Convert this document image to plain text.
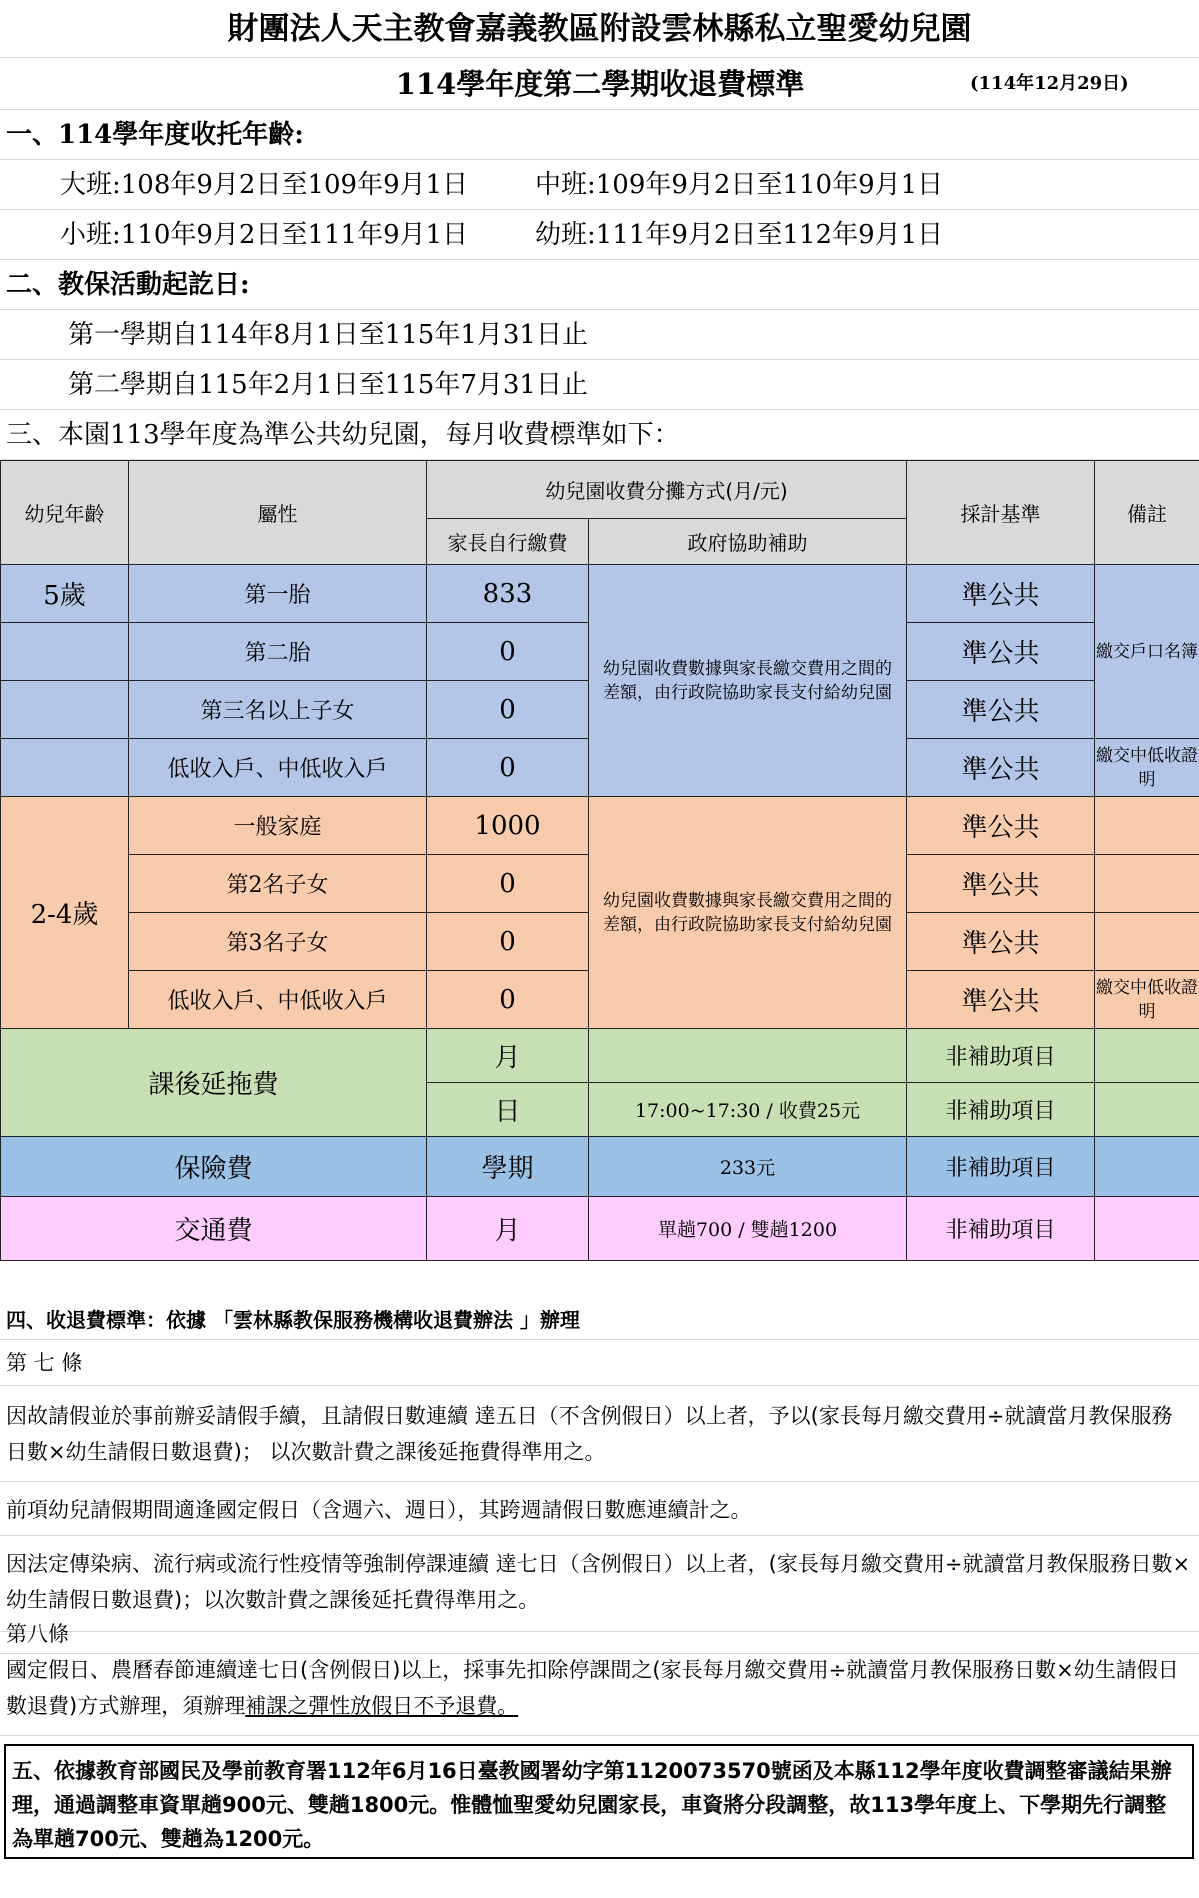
財團法人天主教會嘉義教區附設雲林縣私立聖愛幼兒園
114學年度第二學期收退費標準	(114年12月29日)
一、114學年度收托年齡:
大班:108年9月2日至109年9月1日	中班:109年9月2日至110年9月1日
小班:110年9月2日至111年9月1日	幼班:111年9月2日至112年9月1日
二、教保活動起訖日:
第一學期自114年8月1日至115年1月31日止
第二學期自115年2月1日至115年7月31日止
三、本園113學年度為準公共幼兒園，每月收費標準如下：
幼兒年齡	屬性	幼兒園收費分攤方式(月/元)		採計基準	備註
		家長自行繳費	政府協助補助		
5歲	第一胎	833	幼兒園收費數據與家長繳交費用之間的差額，由行政院協助家長支付給幼兒園	準公共	繳交戶口名簿
	第二胎	0		準公共	
	第三名以上子女	0		準公共	
	低收入戶、中低收入戶	0		準公共	繳交中低收證明
2-4歲	一般家庭	1000	幼兒園收費數據與家長繳交費用之間的差額，由行政院協助家長支付給幼兒園	準公共	
	第2名子女	0		準公共	
	第3名子女	0		準公共	
	低收入戶、中低收入戶	0		準公共	繳交中低收證明
課後延拖費		月		非補助項目	
		日	17:00~17:30 / 收費25元	非補助項目	
保險費		學期	233元	非補助項目	
交通費		月	單趟700 / 雙趟1200	非補助項目	
四、收退費標準：依據 「雲林縣教保服務機構收退費辦法 」辦理
第 七 條
因故請假並於事前辦妥請假手續，且請假日數連續 達五日（不含例假日）以上者，予以(家長每月繳交費用÷就讀當月教保服務日數×幼生請假日數退費)； 以次數計費之課後延拖費得準用之。
前項幼兒請假期間適逢國定假日（含週六、週日），其跨週請假日數應連續計之。
因法定傳染病、流行病或流行性疫情等強制停課連續 達七日（含例假日）以上者，(家長每月繳交費用÷就讀當月教保服務日數×幼生請假日數退費)；以次數計費之課後延托費得準用之。
第八條
國定假日、農曆春節連續達七日(含例假日)以上，採事先扣除停課間之(家長每月繳交費用÷就讀當月教保服務日數×幼生請假日數退費)方式辦理，須辦理補課之彈性放假日不予退費。
五、依據教育部國民及學前教育署112年6月16日臺教國署幼字第1120073570號函及本縣112學年度收費調整審議結果辦理，通過調整車資單趟900元、雙趟1800元。惟體恤聖愛幼兒園家長，車資將分段調整，故113學年度上、下學期先行調整為單趟700元、雙趟為1200元。
